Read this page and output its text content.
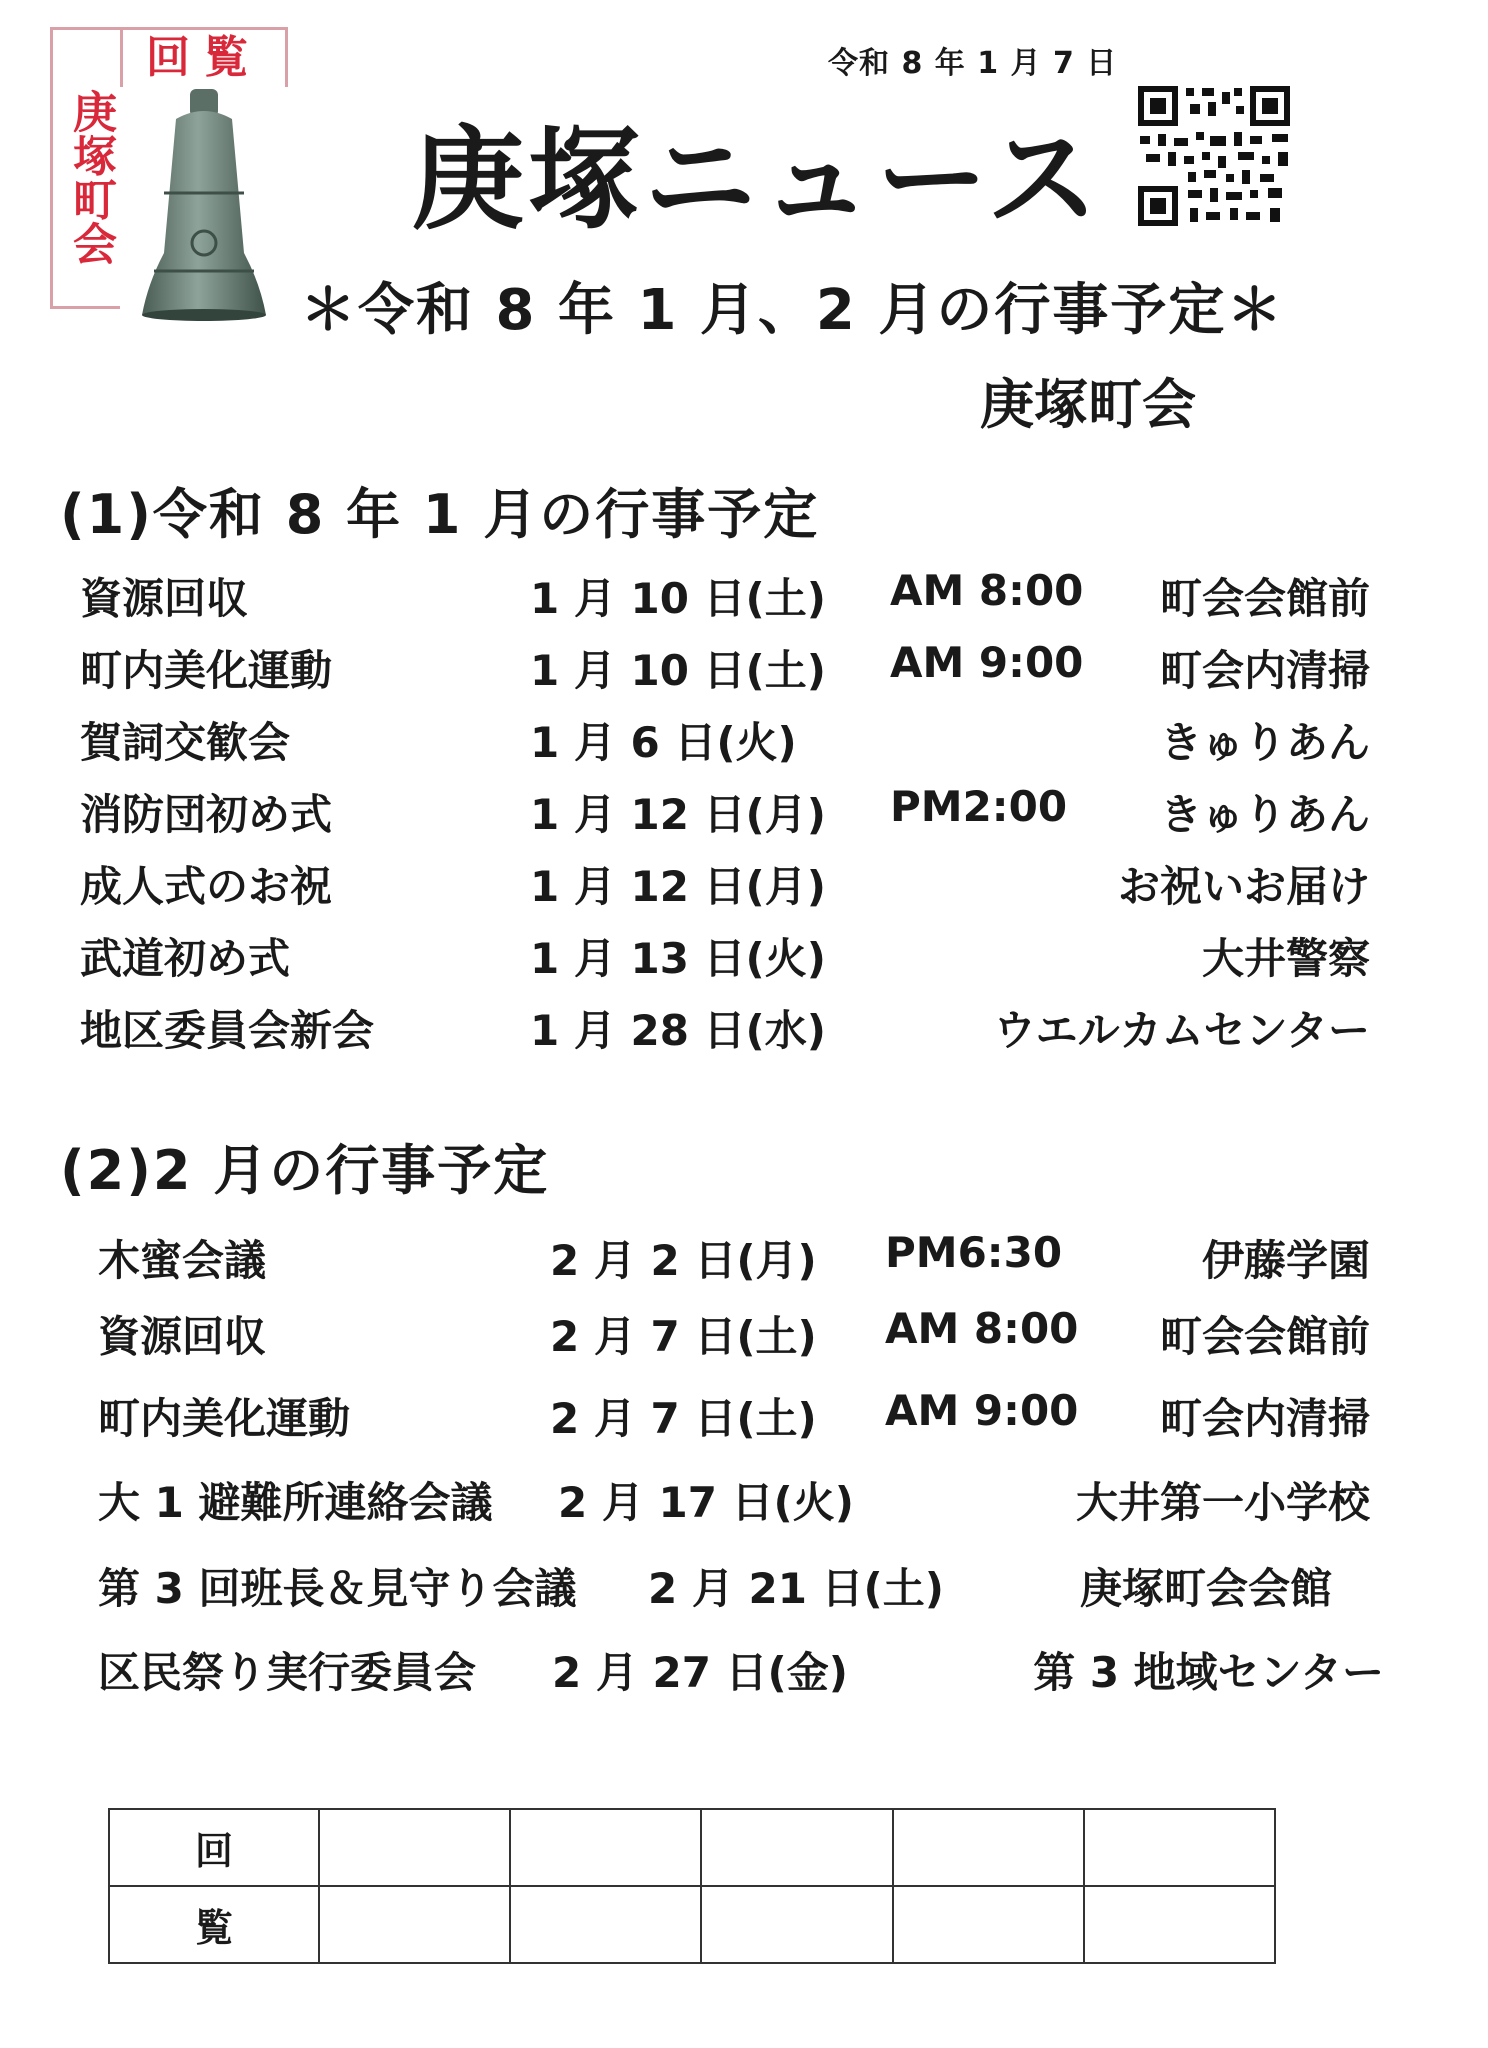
回覧
庚塚町会
令和 8 年 1 月 7 日
庚塚ニュース
＊令和 8 年 1 月、2 月の行事予定＊
庚塚町会
(1)令和 8 年 1 月の行事予定
資源回収	1 月 10 日(土) AM 8:00 町会会館前
町内美化運動	1 月 10 日(土) AM 9:00 町会内清掃
賀詞交歓会	1 月 6 日(火)	きゅりあん
消防団初め式	1 月 12 日(月) PM2:00 きゅりあん
成人式のお祝	1 月 12 日(月)	お祝いお届け
武道初め式	1 月 13 日(火)	大井警察
地区委員会新会	1 月 28 日(水)	ウエルカムセンター
(2)2 月の行事予定
木蜜会議	2 月 2 日(月) PM6:30	伊藤学園
資源回収	2 月 7 日(土) AM 8:00 町会会館前
町内美化運動	2 月 7 日(土) AM 9:00 町会内清掃
大 1 避難所連絡会議 2 月 17 日(火)	大井第一小学校
第 3 回班長＆見守り会議 2 月 21 日(土)	庚塚町会会館
区民祭り実行委員会 2 月 27 日(金)	第 3 地域センター
回					
覧					
